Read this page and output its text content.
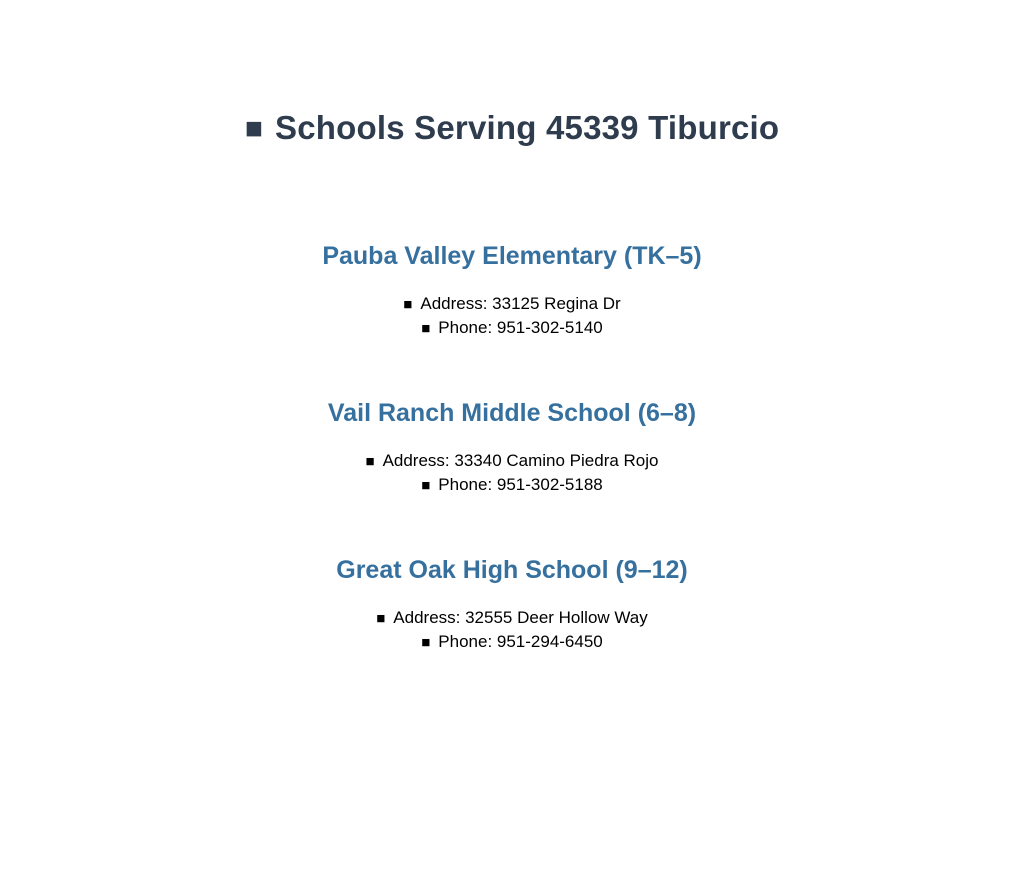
■ Schools Serving 45339 Tiburcio
Pauba Valley Elementary (TK–5)
■ Address: 33125 Regina Dr
■ Phone: 951-302-5140
Vail Ranch Middle School (6–8)
■ Address: 33340 Camino Piedra Rojo
■ Phone: 951-302-5188
Great Oak High School (9–12)
■ Address: 32555 Deer Hollow Way
■ Phone: 951-294-6450
